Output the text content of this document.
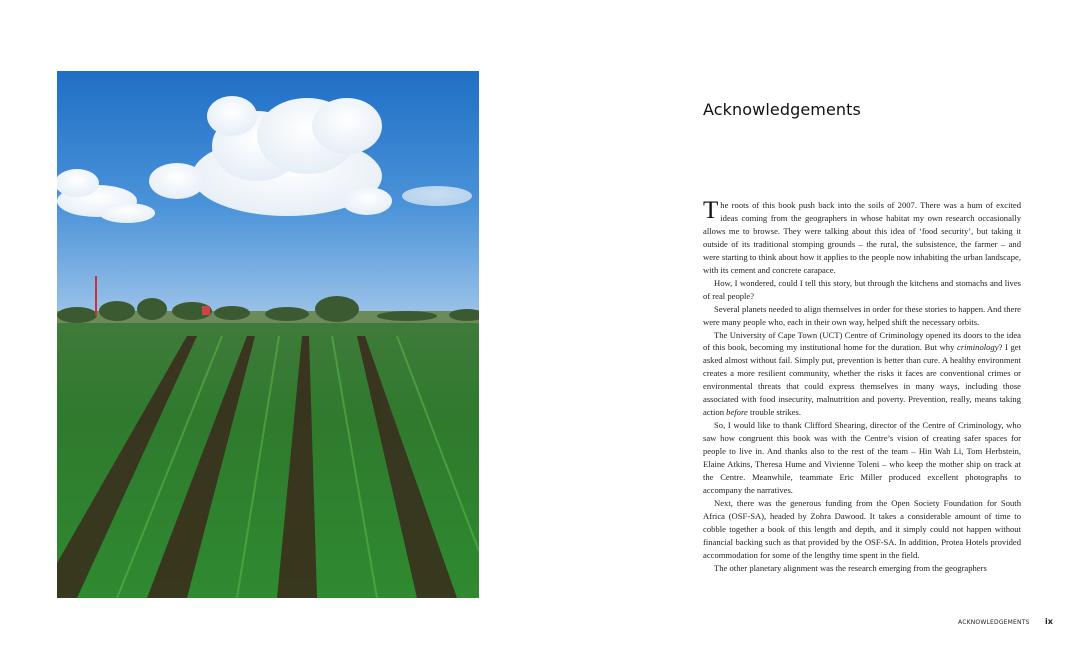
Acknowledgements

The roots of this book push back into the soils of 2007. There was a hum of excited ideas coming from the geographers in whose habitat my own research occasionally allows me to browse. They were talking about this idea of ‘food security’, but taking it outside of its traditional stomping grounds – the rural, the subsistence, the farmer – and were starting to think about how it applies to the people now inhabiting the urban landscape, with its cement and concrete carapace.

How, I wondered, could I tell this story, but through the kitchens and stomachs and lives of real people?

Several planets needed to align themselves in order for these stories to happen. And there were many people who, each in their own way, helped shift the necessary orbits.

The University of Cape Town (UCT) Centre of Criminology opened its doors to the idea of this book, becoming my institutional home for the duration. But why criminology? I get asked almost without fail. Simply put, prevention is better than cure. A healthy environment creates a more resilient community, whether the risks it faces are conventional crimes or environmental threats that could express themselves in many ways, including those associated with food insecurity, malnutrition and poverty. Prevention, really, means taking action before trouble strikes.

So, I would like to thank Clifford Shearing, director of the Centre of Criminology, who saw how congruent this book was with the Centre’s vision of creating safer spaces for people to live in. And thanks also to the rest of the team – Hin Wah Li, Tom Herbstein, Elaine Atkins, Theresa Hume and Vivienne Toleni – who keep the mother ship on track at the Centre. Meanwhile, teammate Eric Miller produced excellent photographs to accompany the narratives.

Next, there was the generous funding from the Open Society Foundation for South Africa (OSF-SA), headed by Zohra Dawood. It takes a considerable amount of time to cobble together a book of this length and depth, and it simply could not happen without financial backing such as that provided by the OSF-SA. In addition, Protea Hotels provided accommodation for some of the lengthy time spent in the field.

The other planetary alignment was the research emerging from the geographers

ACKNOWLEDGEMENTS ix
